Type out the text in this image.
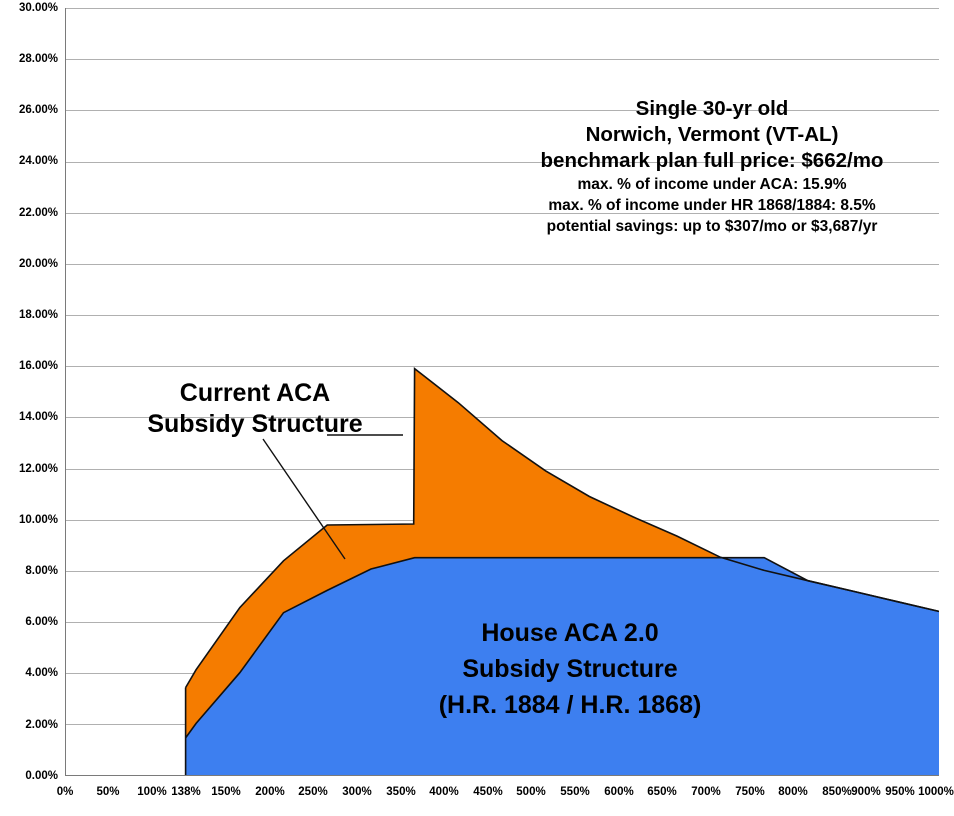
30.00%
28.00%
26.00%
24.00%
22.00%
20.00%
18.00%
16.00%
14.00%
12.00%
10.00%
8.00%
6.00%
4.00%
2.00%
0.00%
Current ACA
Subsidy Structure
Single 30-yr old
Norwich, Vermont (VT-AL)
benchmark plan full price: $662/mo
max. % of income under ACA: 15.9%
max. % of income under HR 1868/1884: 8.5%
potential savings: up to $307/mo or $3,687/yr
House ACA 2.0
Subsidy Structure
(H.R. 1884 / H.R. 1868)
0% 50% 100% 138% 150% 200% 250% 300% 350% 400% 450% 500% 550% 600% 650% 700% 750% 800% 850% 900% 950% 1000%
